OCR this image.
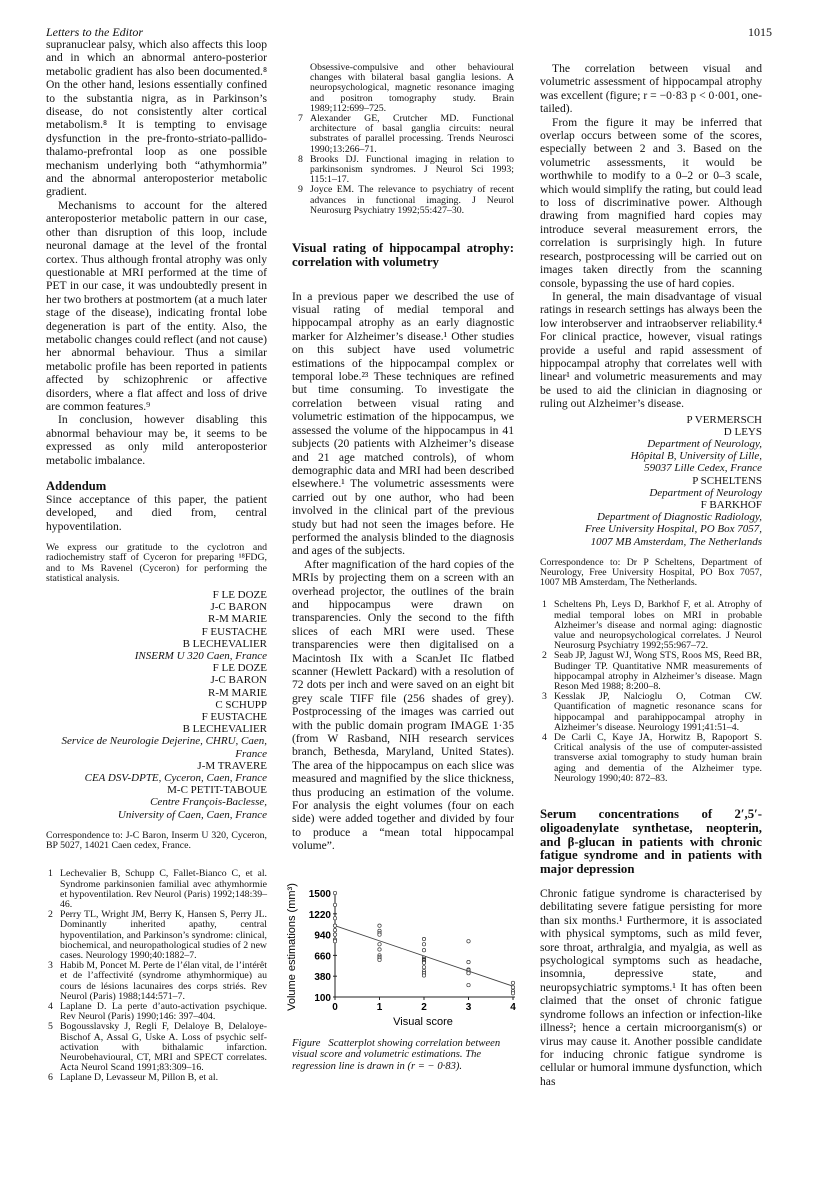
Letters to the Editor	1015

supranuclear palsy, which also affects this loop and in which an abnormal antero-posterior metabolic gradient has also been documented.⁸ On the other hand, lesions essentially confined to the substantia nigra, as in Parkinson’s disease, do not consistently alter cortical metabolism.⁸ It is tempting to envisage dysfunction in the pre-fronto-striato-pallido-thalamo-prefrontal loop as one possible mechanism underlying both “athymhormia” and the abnormal anteroposterior metabolic gradient.

Mechanisms to account for the altered anteroposterior metabolic pattern in our case, other than disruption of this loop, include neuronal damage at the level of the frontal cortex. Thus although frontal atrophy was only questionable at MRI performed at the time of PET in our case, it was undoubtedly present in her two brothers at postmortem (at a much later stage of the disease), indicating frontal lobe degeneration is part of the entity. Also, the metabolic changes could reflect (and not cause) her abnormal behaviour. Thus a similar metabolic profile has been reported in patients affected by schizophrenic or affective disorders, where a flat affect and loss of drive are common features.⁹

In conclusion, however disabling this abnormal behaviour may be, it seems to be expressed as only mild anteroposterior metabolic imbalance.

Addendum

Since acceptance of this paper, the patient developed, and died from, central hypoventilation.

We express our gratitude to the cyclotron and radiochemistry staff of Cyceron for preparing ¹⁸FDG, and to Ms Ravenel (Cyceron) for performing the statistical analysis.
F LE DOZE
J-C BARON
R-M MARIE
F EUSTACHE
B LECHEVALIER
INSERM U 320 Caen, France
F LE DOZE
J-C BARON
R-M MARIE
C SCHUPP
F EUSTACHE
B LECHEVALIER
Service de Neurologie Dejerine, CHRU, Caen, France
J-M TRAVERE
CEA DSV-DPTE, Cyceron, Caen, France
M-C PETIT-TABOUE
Centre François-Baclesse,
University of Caen, Caen, France
Correspondence to: J-C Baron, Inserm U 320, Cyceron, BP 5027, 14021 Caen cedex, France.
1 Lechevalier B, Schupp C, Fallet-Bianco C, et al. Syndrome parkinsonien familial avec athymhormie et hypoventilation. Rev Neurol (Paris) 1992;148:39–46.
2 Perry TL, Wright JM, Berry K, Hansen S, Perry JL. Dominantly inherited apathy, central hypoventilation, and Parkinson’s syndrome: clinical, biochemical, and neuropathological studies of 2 new cases. Neurology 1990;40:1882–7.
3 Habib M, Poncet M. Perte de l’élan vital, de l’intérêt et de l’affectivité (syndrome athymhormique) au cours de lésions lacunaires des corps striés. Rev Neurol (Paris) 1988;144:571–7.
4 Laplane D. La perte d’auto-activation psychique. Rev Neurol (Paris) 1990;146: 397–404.
5 Bogousslavsky J, Regli F, Delaloye B, Delaloye-Bischof A, Assal G, Uske A. Loss of psychic self-activation with bithalamic infarction. Neurobehavioural, CT, MRI and SPECT correlates. Acta Neurol Scand 1991;83:309–16.
6 Laplane D, Levasseur M, Pillon B, et al.
Obsessive-compulsive and other behavioural changes with bilateral basal ganglia lesions. A neuropsychological, magnetic resonance imaging and positron tomography study. Brain 1989;112:699–725.
7 Alexander GE, Crutcher MD. Functional architecture of basal ganglia circuits: neural substrates of parallel processing. Trends Neurosci 1990;13:266–71.
8 Brooks DJ. Functional imaging in relation to parkinsonism syndromes. J Neurol Sci 1993; 115:1–17.
9 Joyce EM. The relevance to psychiatry of recent advances in functional imaging. J Neurol Neurosurg Psychiatry 1992;55:427–30.
Visual rating of hippocampal atrophy: correlation with volumetry

In a previous paper we described the use of visual rating of medial temporal and hippocampal atrophy as an early diagnostic marker for Alzheimer’s disease.¹ Other studies on this subject have used volumetric estimations of the hippocampal complex or temporal lobe.²³ These techniques are refined but time consuming. To investigate the correlation between visual rating and volumetric estimation of the hippocampus, we assessed the volume of the hippocampus in 41 subjects (20 patients with Alzheimer’s disease and 21 age matched controls), of whom demographic data and MRI had been described elsewhere.¹ The volumetric assessments were carried out by one author, who had been involved in the clinical part of the previous study but had not seen the images before. He performed the analysis blinded to the diagnosis and ages of the subjects.

After magnification of the hard copies of the MRIs by projecting them on a screen with an overhead projector, the outlines of the brain and hippocampus were drawn on transparencies. Only the second to the fifth slices of each MRI were used. These transparencies were then digitalised on a Macintosh IIx with a ScanJet IIc flatbed scanner (Hewlett Packard) with a resolution of 72 dots per inch and were saved on an eight bit grey scale TIFF file (256 shades of grey). Postprocessing of the images was carried out with the public domain program IMAGE 1·35 (from W Rasband, NIH research services branch, Bethesda, Maryland, United States). The area of the hippocampus on each slice was measured and magnified by the slice thickness, thus producing an estimation of the volume. For analysis the eight volumes (four on each side) were added together and divided by four to produce a “mean total hippocampal volume”.

1500
1220
940
660
380
100
0	1	2	3	4
Volume estimations (mm³)
Visual score
Figure Scatterplot showing correlation between visual score and volumetric estimations. The regression line is drawn in (r = − 0·83).

The correlation between visual and volumetric assessment of hippocampal atrophy was excellent (figure; r = −0·83 p < 0·001, one-tailed).

From the figure it may be inferred that overlap occurs between some of the scores, especially between 2 and 3. Based on the volumetric assessments, it would be worthwhile to modify to a 0–2 or 0–3 scale, which would simplify the rating, but could lead to loss of discriminative power. Although drawing from magnified hard copies may introduce several measurement errors, the correlation is surprisingly high. In future research, postprocessing will be carried out on images taken directly from the scanning console, bypassing the use of hard copies.

In general, the main disadvantage of visual ratings in research settings has always been the low interobserver and intraobserver reliability.⁴ For clinical practice, however, visual ratings provide a useful and rapid assessment of hippocampal atrophy that correlates well with linear¹ and volumetric measurements and may be used to aid the clinician in diagnosing or ruling out Alzheimer’s disease.

P VERMERSCH
D LEYS
Department of Neurology,
Hôpital B, University of Lille,
59037 Lille Cedex, France
P SCHELTENS
Department of Neurology
F BARKHOF
Department of Diagnostic Radiology,
Free University Hospital, PO Box 7057,
1007 MB Amsterdam, The Netherlands
Correspondence to: Dr P Scheltens, Department of Neurology, Free University Hospital, PO Box 7057, 1007 MB Amsterdam, The Netherlands.
1 Scheltens Ph, Leys D, Barkhof F, et al. Atrophy of medial temporal lobes on MRI in probable Alzheimer’s disease and normal aging: diagnostic value and neuropsychological correlates. J Neurol Neurosurg Psychiatry 1992;55:967–72.
2 Seab JP, Jagust WJ, Wong STS, Roos MS, Reed BR, Budinger TP. Quantitative NMR measurements of hippocampal atrophy in Alzheimer’s disease. Magn Reson Med 1988; 8:200–8.
3 Kesslak JP, Nalcioglu O, Cotman CW. Quantification of magnetic resonance scans for hippocampal and parahippocampal atrophy in Alzheimer’s disease. Neurology 1991;41:51–4.
4 De Carli C, Kaye JA, Horwitz B, Rapoport S. Critical analysis of the use of computer-assisted transverse axial tomography to study human brain aging and dementia of the Alzheimer type. Neurology 1990;40: 872–83.
Serum concentrations of 2′,5′-oligoadenylate synthetase, neopterin, and β-glucan in patients with chronic fatigue syndrome and in patients with major depression

Chronic fatigue syndrome is characterised by debilitating severe fatigue persisting for more than six months.¹ Furthermore, it is associated with physical symptoms, such as mild fever, sore throat, arthralgia, and myalgia, as well as psychological symptoms such as headache, insomnia, depressive state, and neuropsychiatric symptoms.¹ It has often been claimed that the onset of chronic fatigue syndrome follows an infection or infection-like illness²; hence a certain microorganism(s) or virus may cause it. Another possible candidate for inducing chronic fatigue syndrome is cellular or humoral immune dysfunction, which has
